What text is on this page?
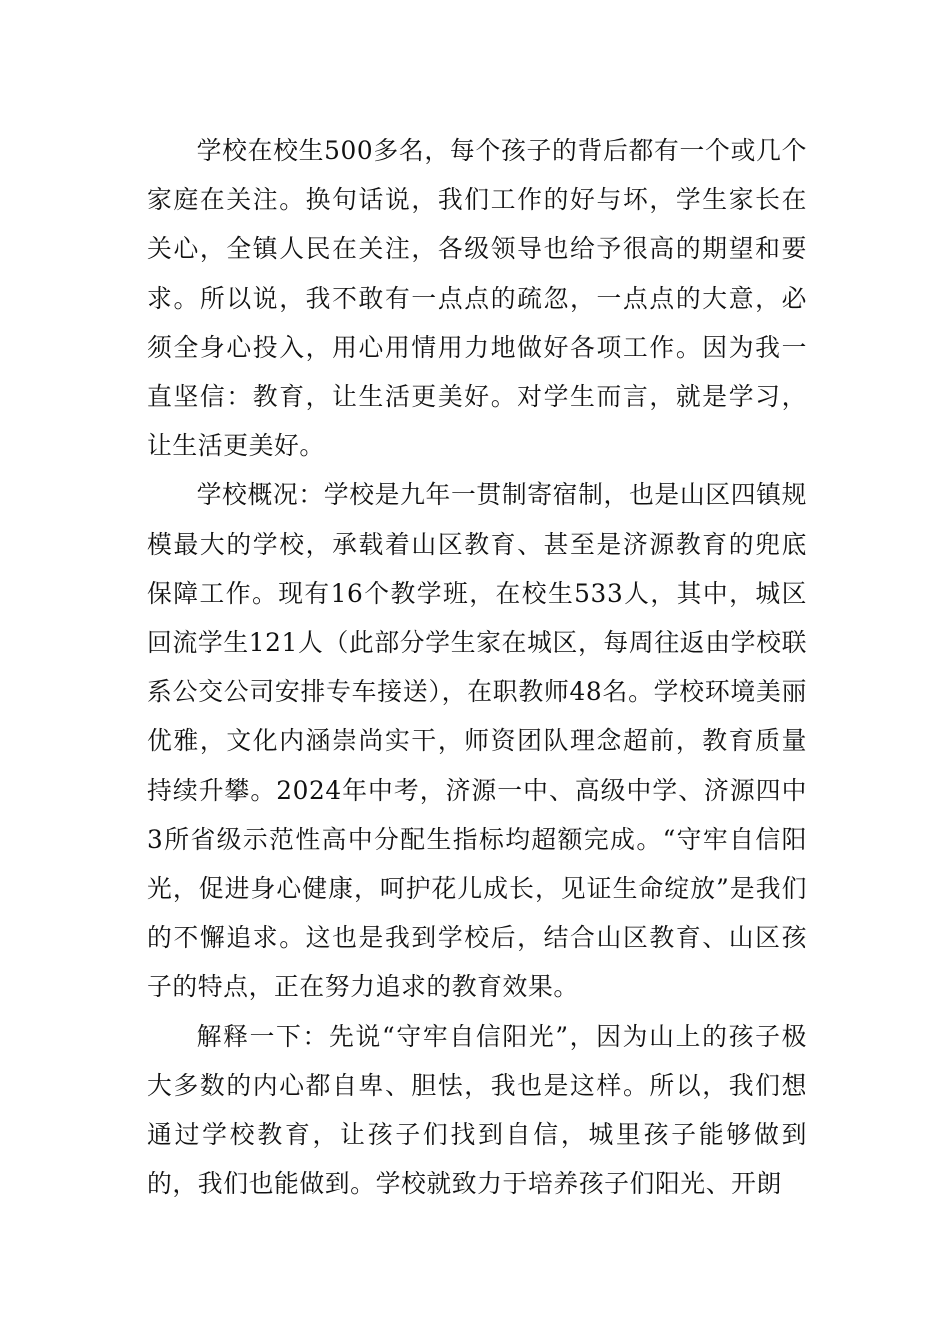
学校在校生500多名，每个孩子的背后都有一个或几个家庭在关注。换句话说，我们工作的好与坏，学生家长在关心，全镇人民在关注，各级领导也给予很高的期望和要求。所以说，我不敢有一点点的疏忽，一点点的大意，必须全身心投入，用心用情用力地做好各项工作。因为我一直坚信：教育，让生活更美好。对学生而言，就是学习，让生活更美好。

学校概况：学校是九年一贯制寄宿制，也是山区四镇规模最大的学校，承载着山区教育、甚至是济源教育的兜底保障工作。现有16个教学班，在校生533人，其中，城区回流学生121人（此部分学生家在城区，每周往返由学校联系公交公司安排专车接送），在职教师48名。学校环境美丽优雅，文化内涵崇尚实干，师资团队理念超前，教育质量持续升攀。2024年中考，济源一中、高级中学、济源四中3所省级示范性高中分配生指标均超额完成。“守牢自信阳光，促进身心健康，呵护花儿成长，见证生命绽放”是我们的不懈追求。这也是我到学校后，结合山区教育、山区孩子的特点，正在努力追求的教育效果。

解释一下：先说“守牢自信阳光”，因为山上的孩子极大多数的内心都自卑、胆怯，我也是这样。所以，我们想通过学校教育，让孩子们找到自信，城里孩子能够做到的，我们也能做到。学校就致力于培养孩子们阳光、开朗
